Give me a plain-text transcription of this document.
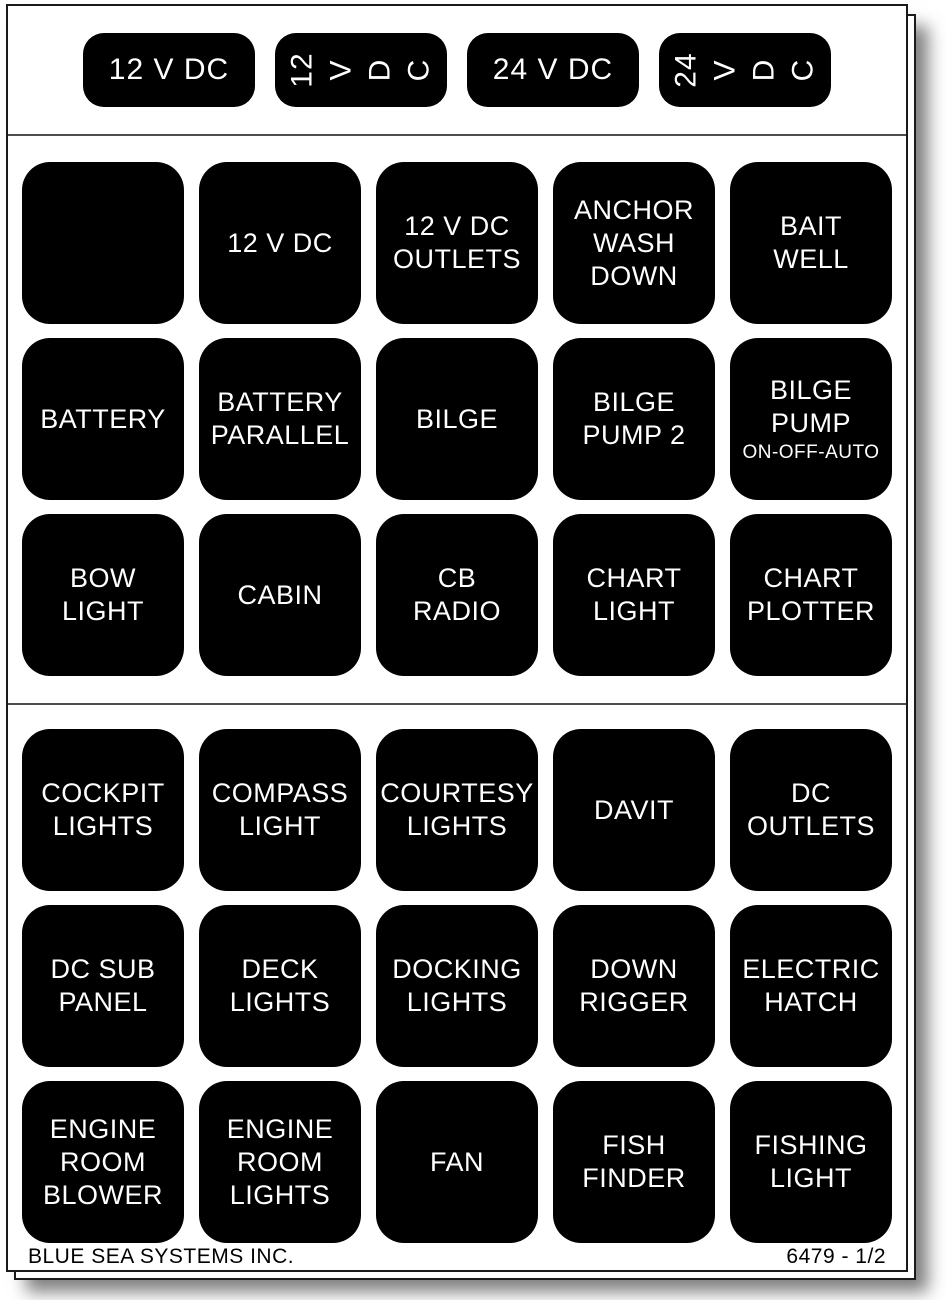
12 V DC 12 V D C 24 V DC 24 V D C
12 V DC
12 V DC
OUTLETS
ANCHOR
WASH
DOWN
BAIT
WELL
BATTERY
BATTERY
PARALLEL
BILGE
BILGE
PUMP 2
BILGE
PUMP
ON-OFF-AUTO
BOW
LIGHT
CABIN
CB
RADIO
CHART
LIGHT
CHART
PLOTTER
COCKPIT
LIGHTS
COMPASS
LIGHT
COURTESY
LIGHTS
DAVIT
DC
OUTLETS
DC SUB
PANEL
DECK
LIGHTS
DOCKING
LIGHTS
DOWN
RIGGER
ELECTRIC
HATCH
ENGINE
ROOM
BLOWER
ENGINE
ROOM
LIGHTS
FAN
FISH
FINDER
FISHING
LIGHT
BLUE SEA SYSTEMS INC.	6479 - 1/2
